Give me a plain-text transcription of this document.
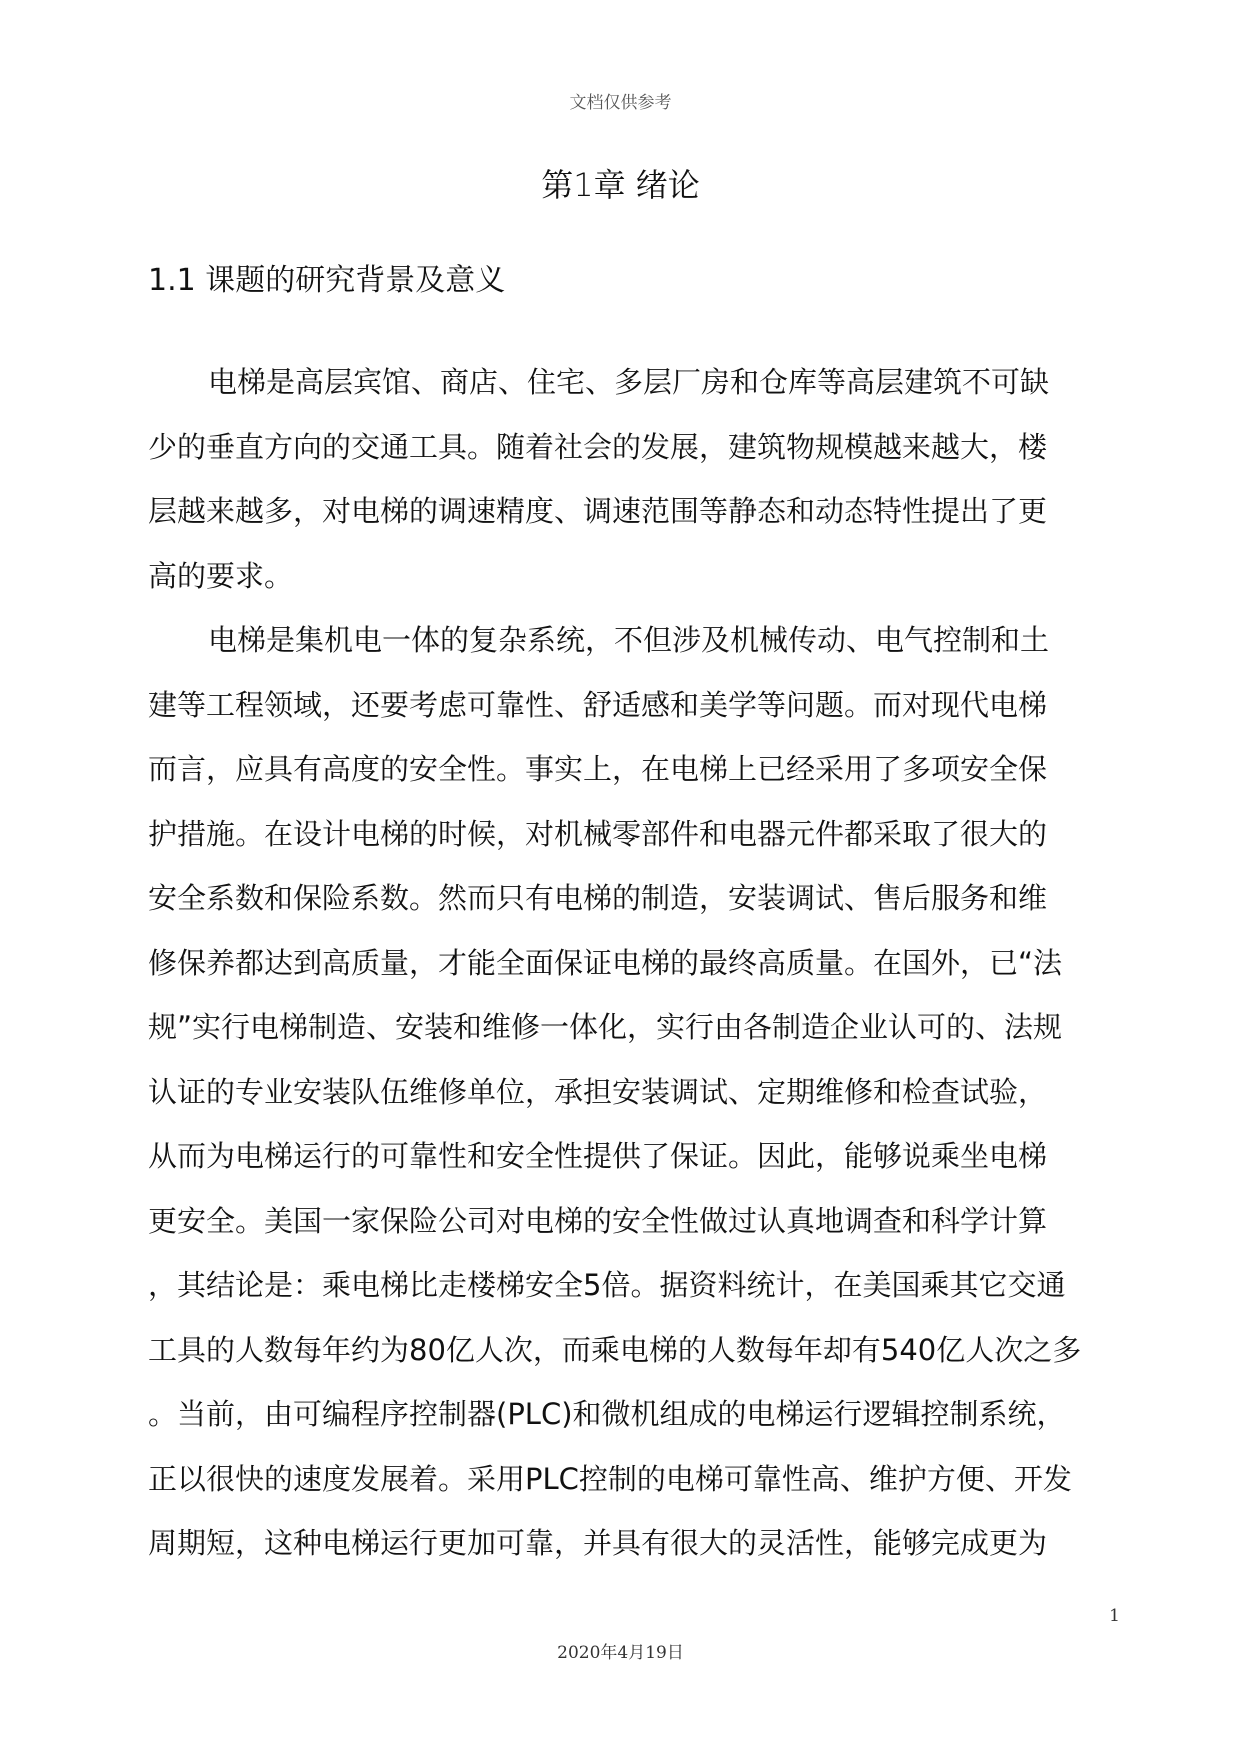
文档仅供参考
第1章 绪论
1.1 课题的研究背景及意义

电梯是高层宾馆、商店、住宅、多层厂房和仓库等高层建筑不可缺
少的垂直方向的交通工具。随着社会的发展，建筑物规模越来越大，楼
层越来越多，对电梯的调速精度、调速范围等静态和动态特性提出了更
高的要求。

电梯是集机电一体的复杂系统，不但涉及机械传动、电气控制和土
建等工程领域，还要考虑可靠性、舒适感和美学等问题。而对现代电梯
而言，应具有高度的安全性。事实上，在电梯上已经采用了多项安全保
护措施。在设计电梯的时候，对机械零部件和电器元件都采取了很大的
安全系数和保险系数。然而只有电梯的制造，安装调试、售后服务和维
修保养都达到高质量，才能全面保证电梯的最终高质量。在国外，已“法
规”实行电梯制造、安装和维修一体化，实行由各制造企业认可的、法规
认证的专业安装队伍维修单位，承担安装调试、定期维修和检查试验，
从而为电梯运行的可靠性和安全性提供了保证。因此，能够说乘坐电梯
更安全。美国一家保险公司对电梯的安全性做过认真地调查和科学计算
，其结论是：乘电梯比走楼梯安全5倍。据资料统计，在美国乘其它交通
工具的人数每年约为80亿人次，而乘电梯的人数每年却有540亿人次之多
。当前，由可编程序控制器(PLC)和微机组成的电梯运行逻辑控制系统，
正以很快的速度发展着。采用PLC控制的电梯可靠性高、维护方便、开发
周期短，这种电梯运行更加可靠，并具有很大的灵活性，能够完成更为

1
2020年4月19日
